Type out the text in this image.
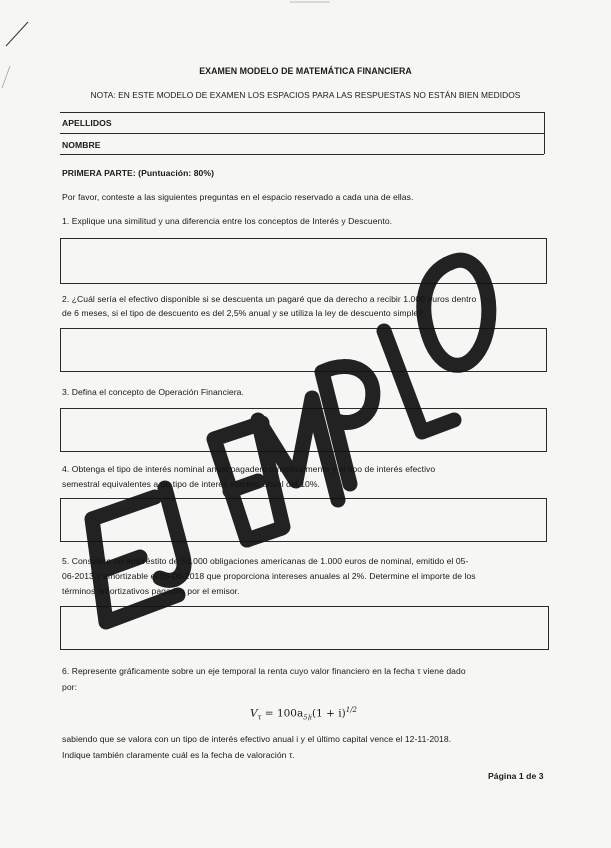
EXAMEN MODELO DE MATEMÁTICA FINANCIERA
NOTA: EN ESTE MODELO DE EXAMEN LOS ESPACIOS PARA LAS RESPUESTAS NO ESTÁN BIEN MEDIDOS
APELLIDOS
NOMBRE
PRIMERA PARTE: (Puntuación: 80%)
Por favor, conteste a las siguientes preguntas en el espacio reservado a cada una de ellas.
1. Explique una similitud y una diferencia entre los conceptos de Interés y Descuento.
2. ¿Cuál sería el efectivo disponible si se descuenta un pagaré que da derecho a recibir 1.000 euros dentro
de 6 meses, si el tipo de descuento es del 2,5% anual y se utiliza la ley de descuento simple?
3. Defina el concepto de Operación Financiera.
4. Obtenga el tipo de interés nominal anual pagadero trimestralmente y el tipo de interés efectivo
semestral equivalentes a un tipo de interés efectivo anual del 10%.
5. Considere un empréstito de 50.000 obligaciones americanas de 1.000 euros de nominal, emitido el 05-
06-2013 y amortizable el 05-06-2018 que proporciona intereses anuales al 2%. Determine el importe de los
términos amortizativos pagados por el emisor.
6. Represente gráficamente sobre un eje temporal la renta cuyo valor financiero en la fecha τ viene dado
por:
$V_\tau = 100a_{5⌉i}(1 + i)^{1/2}$
sabiendo que se valora con un tipo de interés efectivo anual i y el último capital vence el 12-11-2018.
Indique también claramente cuál es la fecha de valoración τ.
Página 1 de 3
